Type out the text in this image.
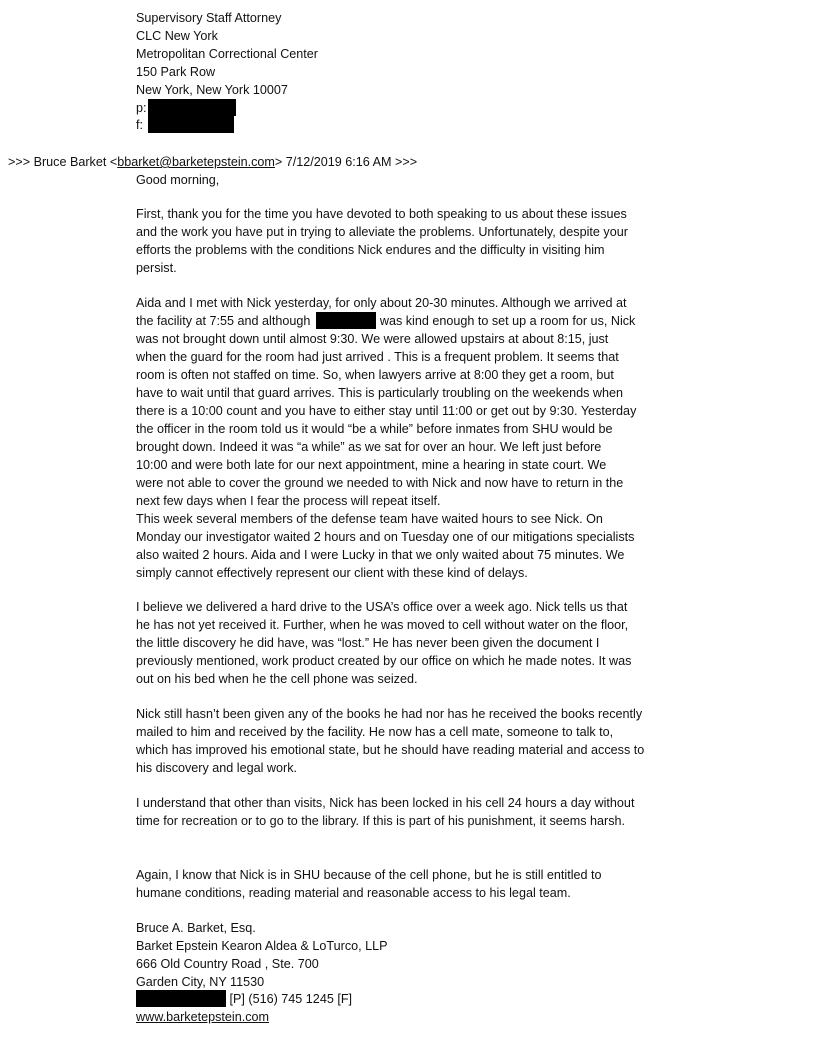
Supervisory Staff Attorney
CLC New York
Metropolitan Correctional Center
150 Park Row
New York, New York 10007
p:
f:
>>> Bruce Barket <bbarket@barketepstein.com> 7/12/2019 6:16 AM >>>
Good morning,
First, thank you for the time you have devoted to both speaking to us about these issues
and the work you have put in trying to alleviate the problems. Unfortunately, despite your
efforts the problems with the conditions Nick endures and the difficulty in visiting him
persist.
Aida and I met with Nick yesterday, for only about 20-30 minutes. Although we arrived at
the facility at 7:55 and although	was kind enough to set up a room for us, Nick
was not brought down until almost 9:30. We were allowed upstairs at about 8:15, just
when the guard for the room had just arrived . This is a frequent problem. It seems that
room is often not staffed on time. So, when lawyers arrive at 8:00 they get a room, but
have to wait until that guard arrives. This is particularly troubling on the weekends when
there is a 10:00 count and you have to either stay until 11:00 or get out by 9:30. Yesterday
the officer in the room told us it would “be a while” before inmates from SHU would be
brought down. Indeed it was “a while” as we sat for over an hour. We left just before
10:00 and were both late for our next appointment, mine a hearing in state court. We
were not able to cover the ground we needed to with Nick and now have to return in the
next few days when I fear the process will repeat itself.
This week several members of the defense team have waited hours to see Nick. On
Monday our investigator waited 2 hours and on Tuesday one of our mitigations specialists
also waited 2 hours. Aida and I were Lucky in that we only waited about 75 minutes. We
simply cannot effectively represent our client with these kind of delays.
I believe we delivered a hard drive to the USA’s office over a week ago. Nick tells us that
he has not yet received it. Further, when he was moved to cell without water on the floor,
the little discovery he did have, was “lost.” He has never been given the document I
previously mentioned, work product created by our office on which he made notes. It was
out on his bed when he the cell phone was seized.
Nick still hasn’t been given any of the books he had nor has he received the books recently
mailed to him and received by the facility. He now has a cell mate, someone to talk to,
which has improved his emotional state, but he should have reading material and access to
his discovery and legal work.
I understand that other than visits, Nick has been locked in his cell 24 hours a day without
time for recreation or to go to the library. If this is part of his punishment, it seems harsh.
Again, I know that Nick is in SHU because of the cell phone, but he is still entitled to
humane conditions, reading material and reasonable access to his legal team.
Bruce A. Barket, Esq.
Barket Epstein Kearon Aldea & LoTurco, LLP
666 Old Country Road , Ste. 700
Garden City, NY 11530
[P] (516) 745 1245 [F]
www.barketepstein.com
